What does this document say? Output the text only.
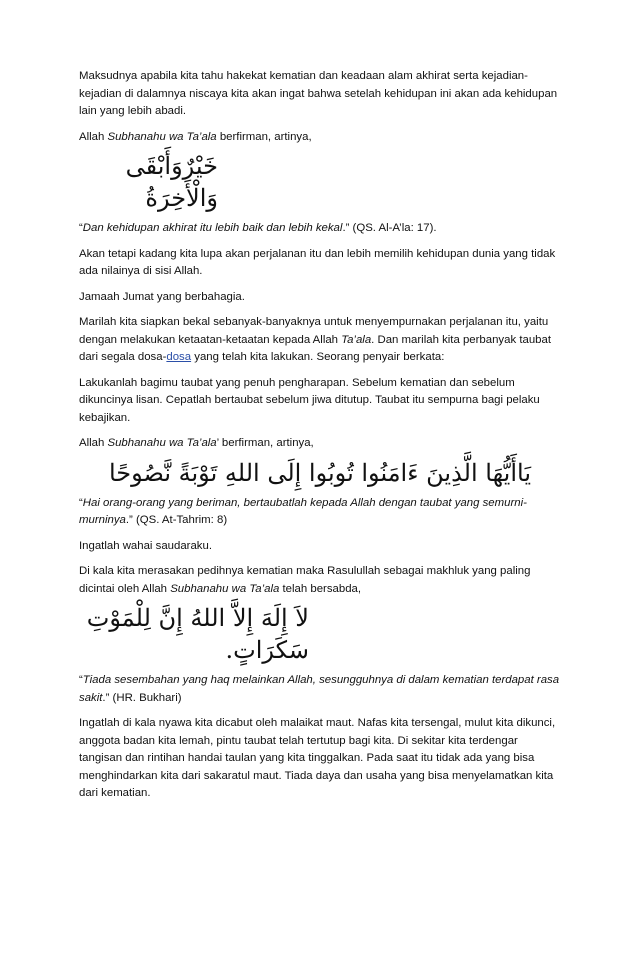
Maksudnya apabila kita tahu hakekat kematian dan keadaan alam akhirat serta kejadian-kejadian di dalamnya niscaya kita akan ingat bahwa setelah kehidupan ini akan ada kehidupan lain yang lebih abadi.

Allah Subhanahu wa Ta’ala berfirman, artinya,

خَيْرٌوَأَبْقَى وَالْأَخِرَةُ

“Dan kehidupan akhirat itu lebih baik dan lebih kekal.” (QS. Al-A’la: 17).

Akan tetapi kadang kita lupa akan perjalanan itu dan lebih memilih kehidupan dunia yang tidak ada nilainya di sisi Allah.

Jamaah Jumat yang berbahagia.

Marilah kita siapkan bekal sebanyak-banyaknya untuk menyempurnakan perjalanan itu, yaitu dengan melakukan ketaatan-ketaatan kepada Allah Ta’ala. Dan marilah kita perbanyak taubat dari segala dosa-dosa yang telah kita lakukan. Seorang penyair berkata:

Lakukanlah bagimu taubat yang penuh pengharapan. Sebelum kematian dan sebelum dikuncinya lisan. Cepatlah bertaubat sebelum jiwa ditutup. Taubat itu sempurna bagi pelaku kebajikan.

Allah Subhanahu wa Ta’ala’ berfirman, artinya,

يَاأَيُّهَا الَّذِينَ ءَامَنُوا تُوبُوا إِلَى اللهِ تَوْبَةً نَّصُوحًا

“Hai orang-orang yang beriman, bertaubatlah kepada Allah dengan taubat yang semurni-murninya.” (QS. At-Tahrim: 8)

Ingatlah wahai saudaraku.

Di kala kita merasakan pedihnya kematian maka Rasulullah sebagai makhluk yang paling dicintai oleh Allah Subhanahu wa Ta’ala telah bersabda,

لاَ إِلَهَ إِلاَّ اللهُ إِنَّ لِلْمَوْتِ سَكَرَاتٍ.

“Tiada sesembahan yang haq melainkan Allah, sesungguhnya di dalam kematian terdapat rasa sakit.” (HR. Bukhari)

Ingatlah di kala nyawa kita dicabut oleh malaikat maut. Nafas kita tersengal, mulut kita dikunci, anggota badan kita lemah, pintu taubat telah tertutup bagi kita. Di sekitar kita terdengar tangisan dan rintihan handai taulan yang kita tinggalkan. Pada saat itu tidak ada yang bisa menghindarkan kita dari sakaratul maut. Tiada daya dan usaha yang bisa menyelamatkan kita dari kematian.
